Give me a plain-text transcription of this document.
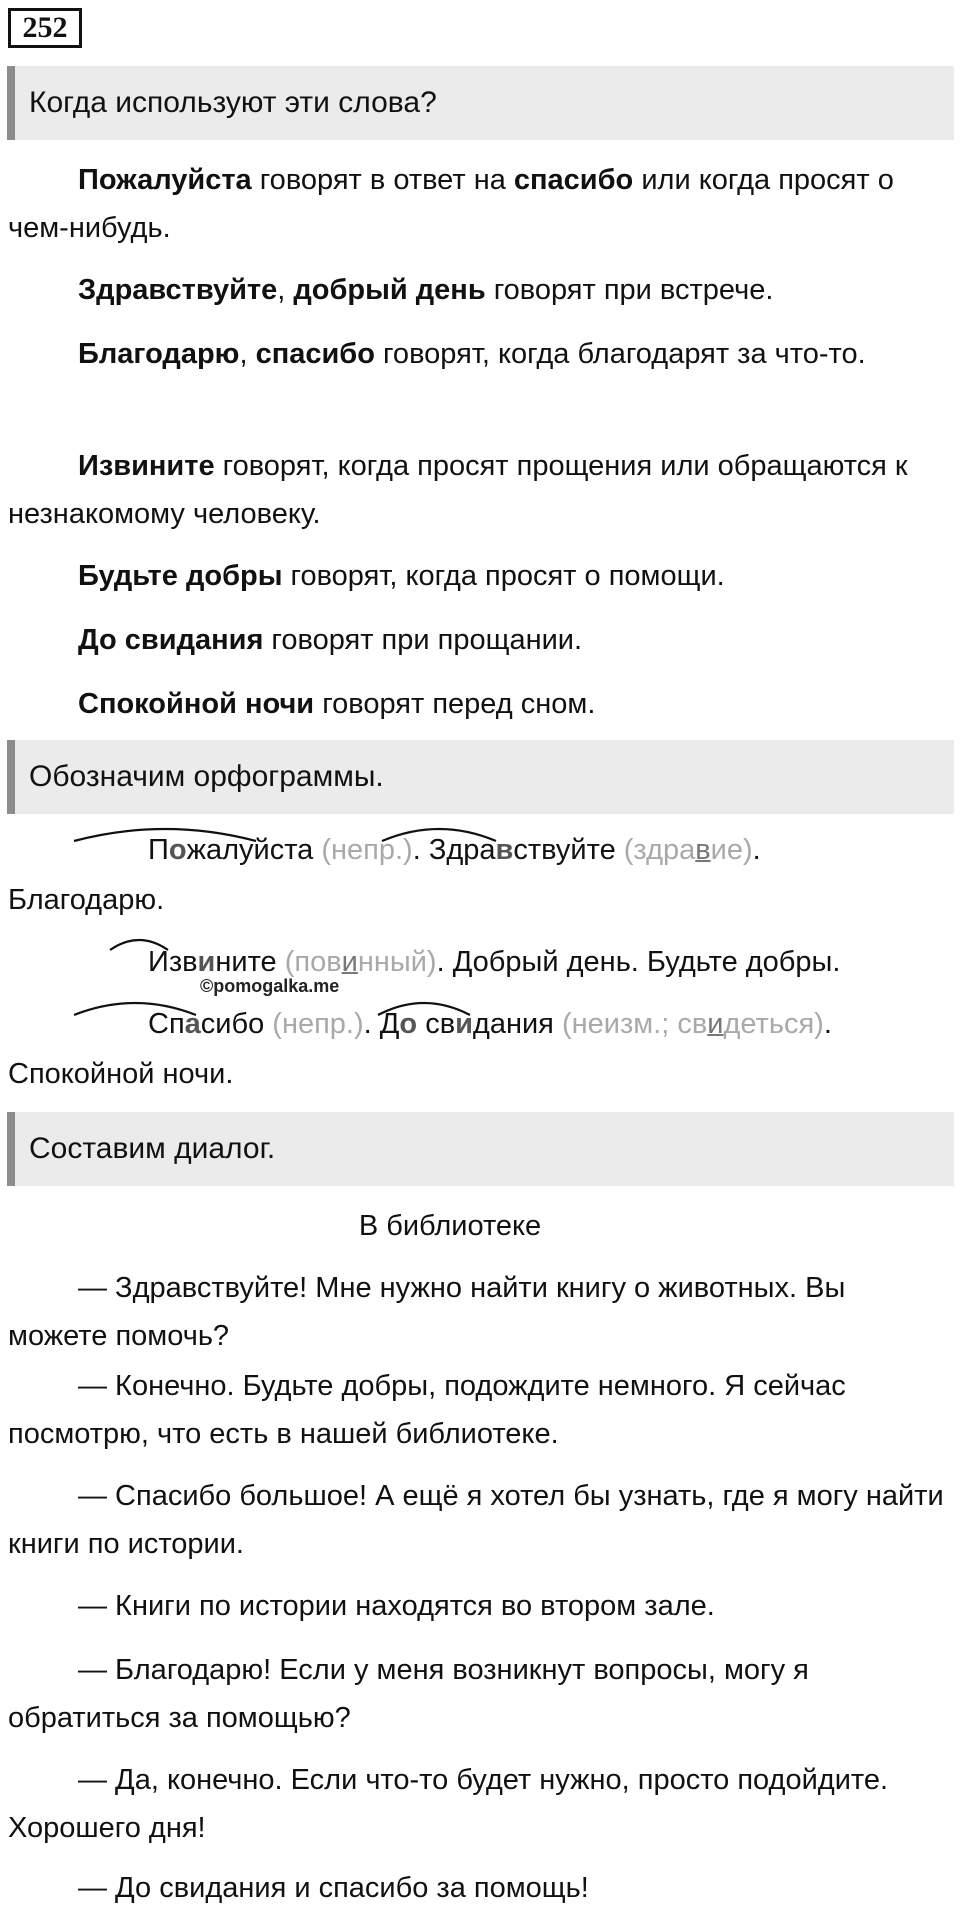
252
Когда используют эти слова?

Пожалуйста говорят в ответ на спасибо или когда просят о чем-нибудь.

Здравствуйте, добрый день говорят при встрече.

Благодарю, спасибо говорят, когда благодарят за что-то.

Извините говорят, когда просят прощения или обращаются к незнакомому человеку.

Будьте добры говорят, когда просят о помощи.

До свидания говорят при прощании.

Спокойной ночи говорят перед сном.

Обозначим орфограммы.
Пожалуйста (непр.). Здравствуйте (здравие).
Благодарю.
Извините (повинный). Добрый день. Будьте добры.
©pomogalka.me
Спасибо (непр.). До свидания (неизм.; свидеться).
Спокойной ночи.
Составим диалог.
В библиотеке

— Здравствуйте! Мне нужно найти книгу о животных. Вы можете помочь?

— Конечно. Будьте добры, подождите немного. Я сейчас посмотрю, что есть в нашей библиотеке.

— Спасибо большое! А ещё я хотел бы узнать, где я могу найти книги по истории.

— Книги по истории находятся во втором зале.

— Благодарю! Если у меня возникнут вопросы, могу я обратиться за помощью?

— Да, конечно. Если что-то будет нужно, просто подойдите. Хорошего дня!

— До свидания и спасибо за помощь!
